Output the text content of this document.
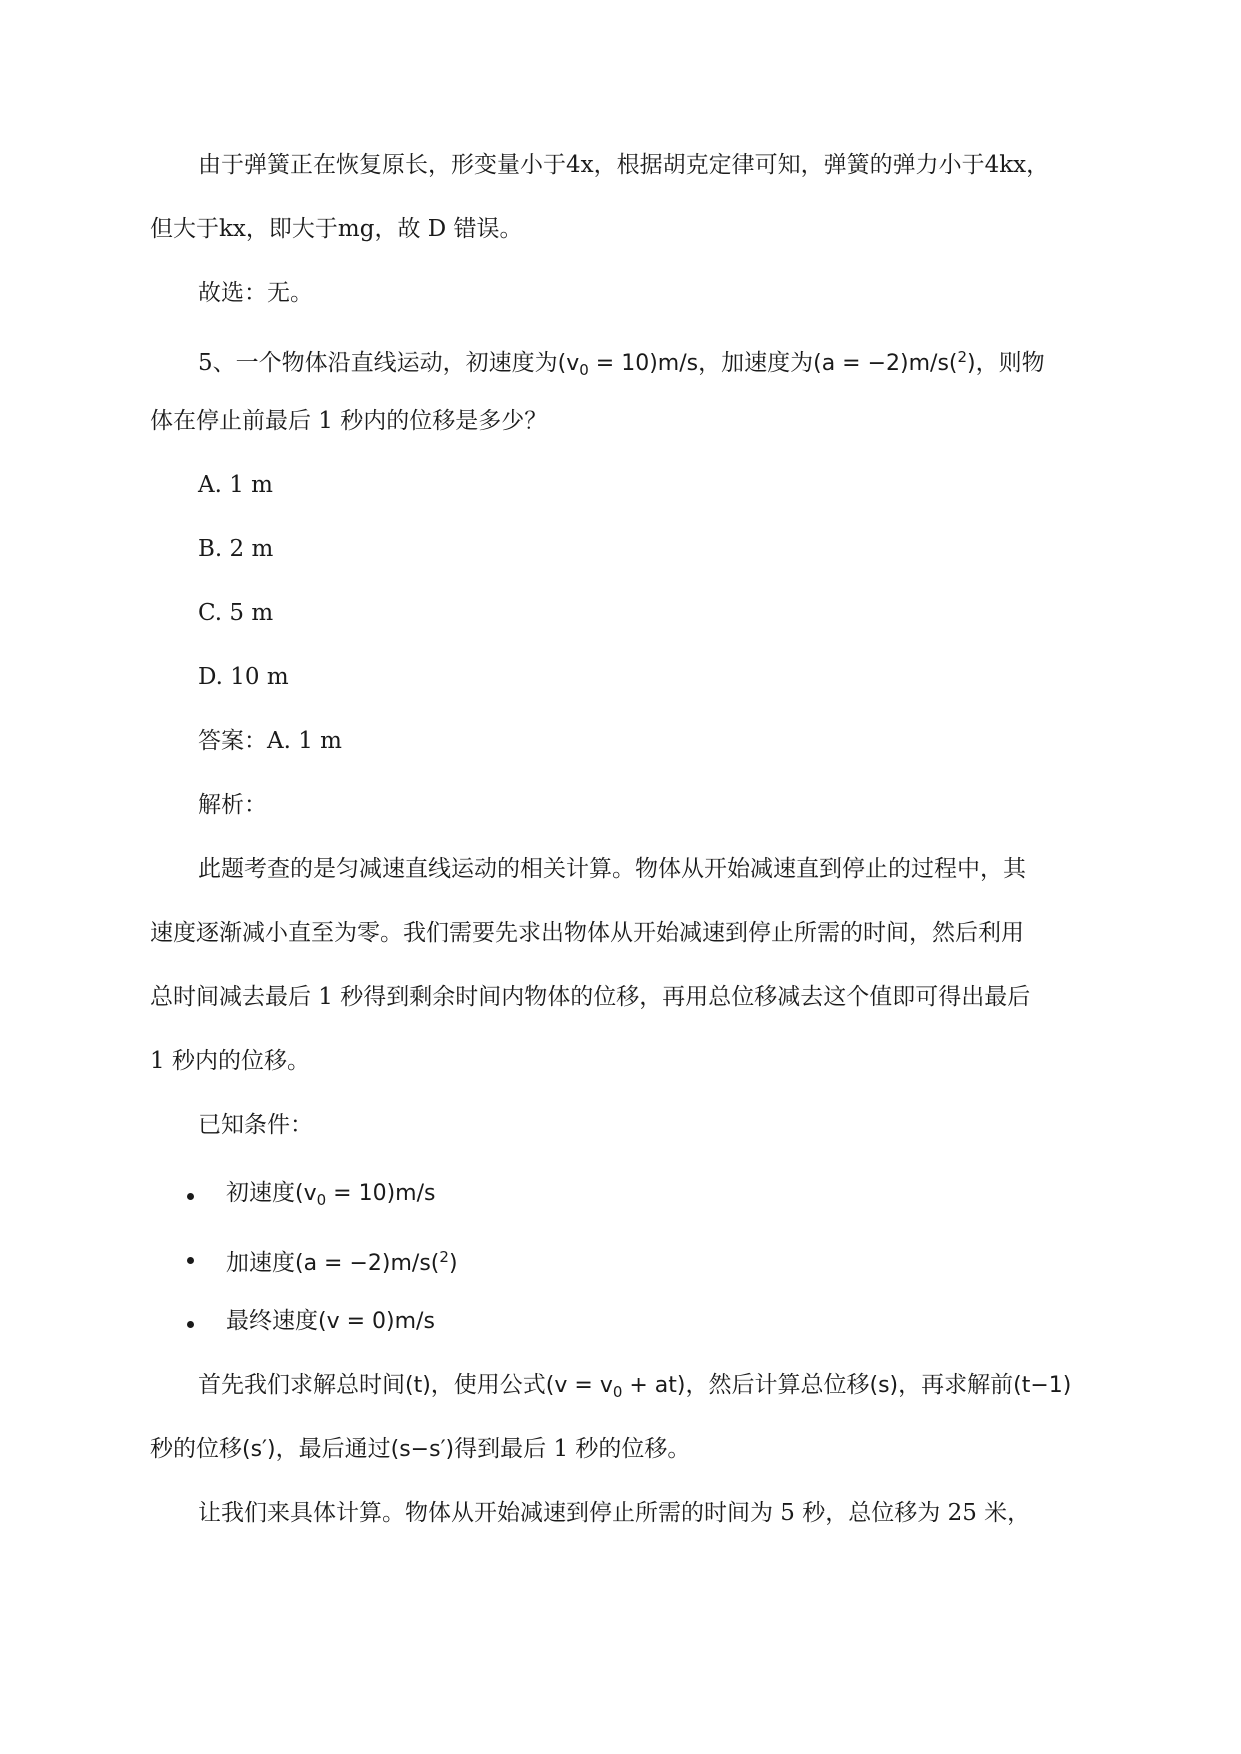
由于弹簧正在恢复原长，形变量小于4x，根据胡克定律可知，弹簧的弹力小于4kx，
但大于kx，即大于mg，故 D 错误。
故选：无。
5、一个物体沿直线运动，初速度为$(v_0 = 10)m/s$，加速度为(a = −2)m/s($^2$)，则物
体在停止前最后 1 秒内的位移是多少？
A. 1 m
B. 2 m
C. 5 m
D. 10 m
答案：A. 1 m
解析：
此题考查的是匀减速直线运动的相关计算。物体从开始减速直到停止的过程中，其
速度逐渐减小直至为零。我们需要先求出物体从开始减速到停止所需的时间，然后利用
总时间减去最后 1 秒得到剩余时间内物体的位移，再用总位移减去这个值即可得出最后
1 秒内的位移。
已知条件：
初速度$(v_0 = 10)m/s$
加速度(a = −2)m/s($^2$)
最终速度(v = 0)m/s
首先我们求解总时间(t)，使用公式$(v = v_0 + at)$，然后计算总位移(s)，再求解前(t−1)
秒的位移(s′)，最后通过(s−s′)得到最后 1 秒的位移。
让我们来具体计算。物体从开始减速到停止所需的时间为 5 秒，总位移为 25 米，
